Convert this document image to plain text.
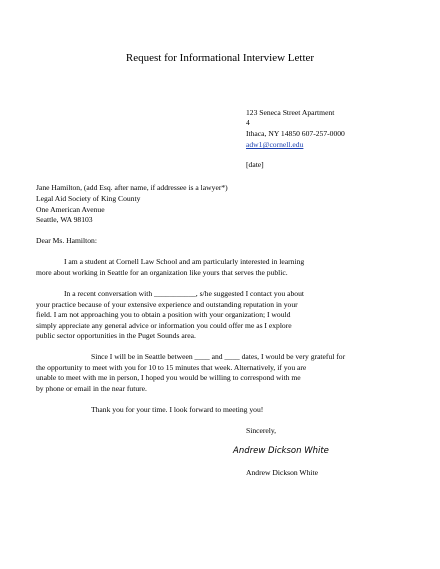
Request for Informational Interview Letter
123 Seneca Street Apartment
4
Ithaca, NY 14850 607-257-0000
adw1@cornell.edu
[date]
Jane Hamilton, (add Esq. after name, if addressee is a lawyer*)
Legal Aid Society of King County
One American Avenue
Seattle, WA 98103
Dear Ms. Hamilton:
I am a student at Cornell Law School and am particularly interested in learning
more about working in Seattle for an organization like yours that serves the public.
In a recent conversation with ___________, s/he suggested I contact you about
your practice because of your extensive experience and outstanding reputation in your
field. I am not approaching you to obtain a position with your organization; I would
simply appreciate any general advice or information you could offer me as I explore
public sector opportunities in the Puget Sounds area.
Since I will be in Seattle between ____ and ____ dates, I would be very grateful for
the opportunity to meet with you for 10 to 15 minutes that week. Alternatively, if you are
unable to meet with me in person, I hoped you would be willing to correspond with me
by phone or email in the near future.
Thank you for your time. I look forward to meeting you!
Sincerely,
Andrew Dickson White
Andrew Dickson White
